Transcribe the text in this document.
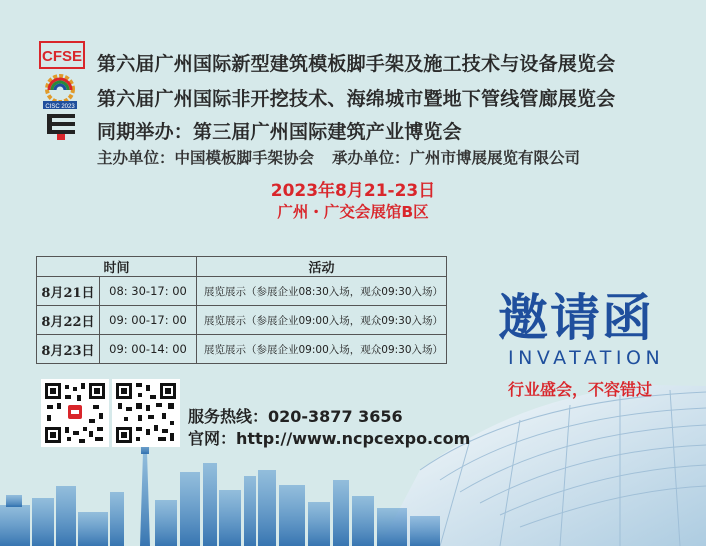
CFSE
CISC 2023
第六届广州国际新型建筑模板脚手架及施工技术与设备展览会
第六届广州国际非开挖技术、海绵城市暨地下管线管廊展览会
同期举办：第三届广州国际建筑产业博览会
主办单位：中国模板脚手架协会 承办单位：广州市博展展览有限公司
2023年8月21-23日
广州・广交会展馆B区
时间		活动
8月21日	08: 30-17: 00	展览展示（参展企业08:30入场，观众09:30入场）
8月22日	09: 00-17: 00	展览展示（参展企业09:00入场，观众09:30入场）
8月23日	09: 00-14: 00	展览展示（参展企业09:00入场，观众09:30入场）
邀请函
INVATATION
行业盛会，不容错过
服务热线：020-3877 3656
官网：http://www.ncpcexpo.com
